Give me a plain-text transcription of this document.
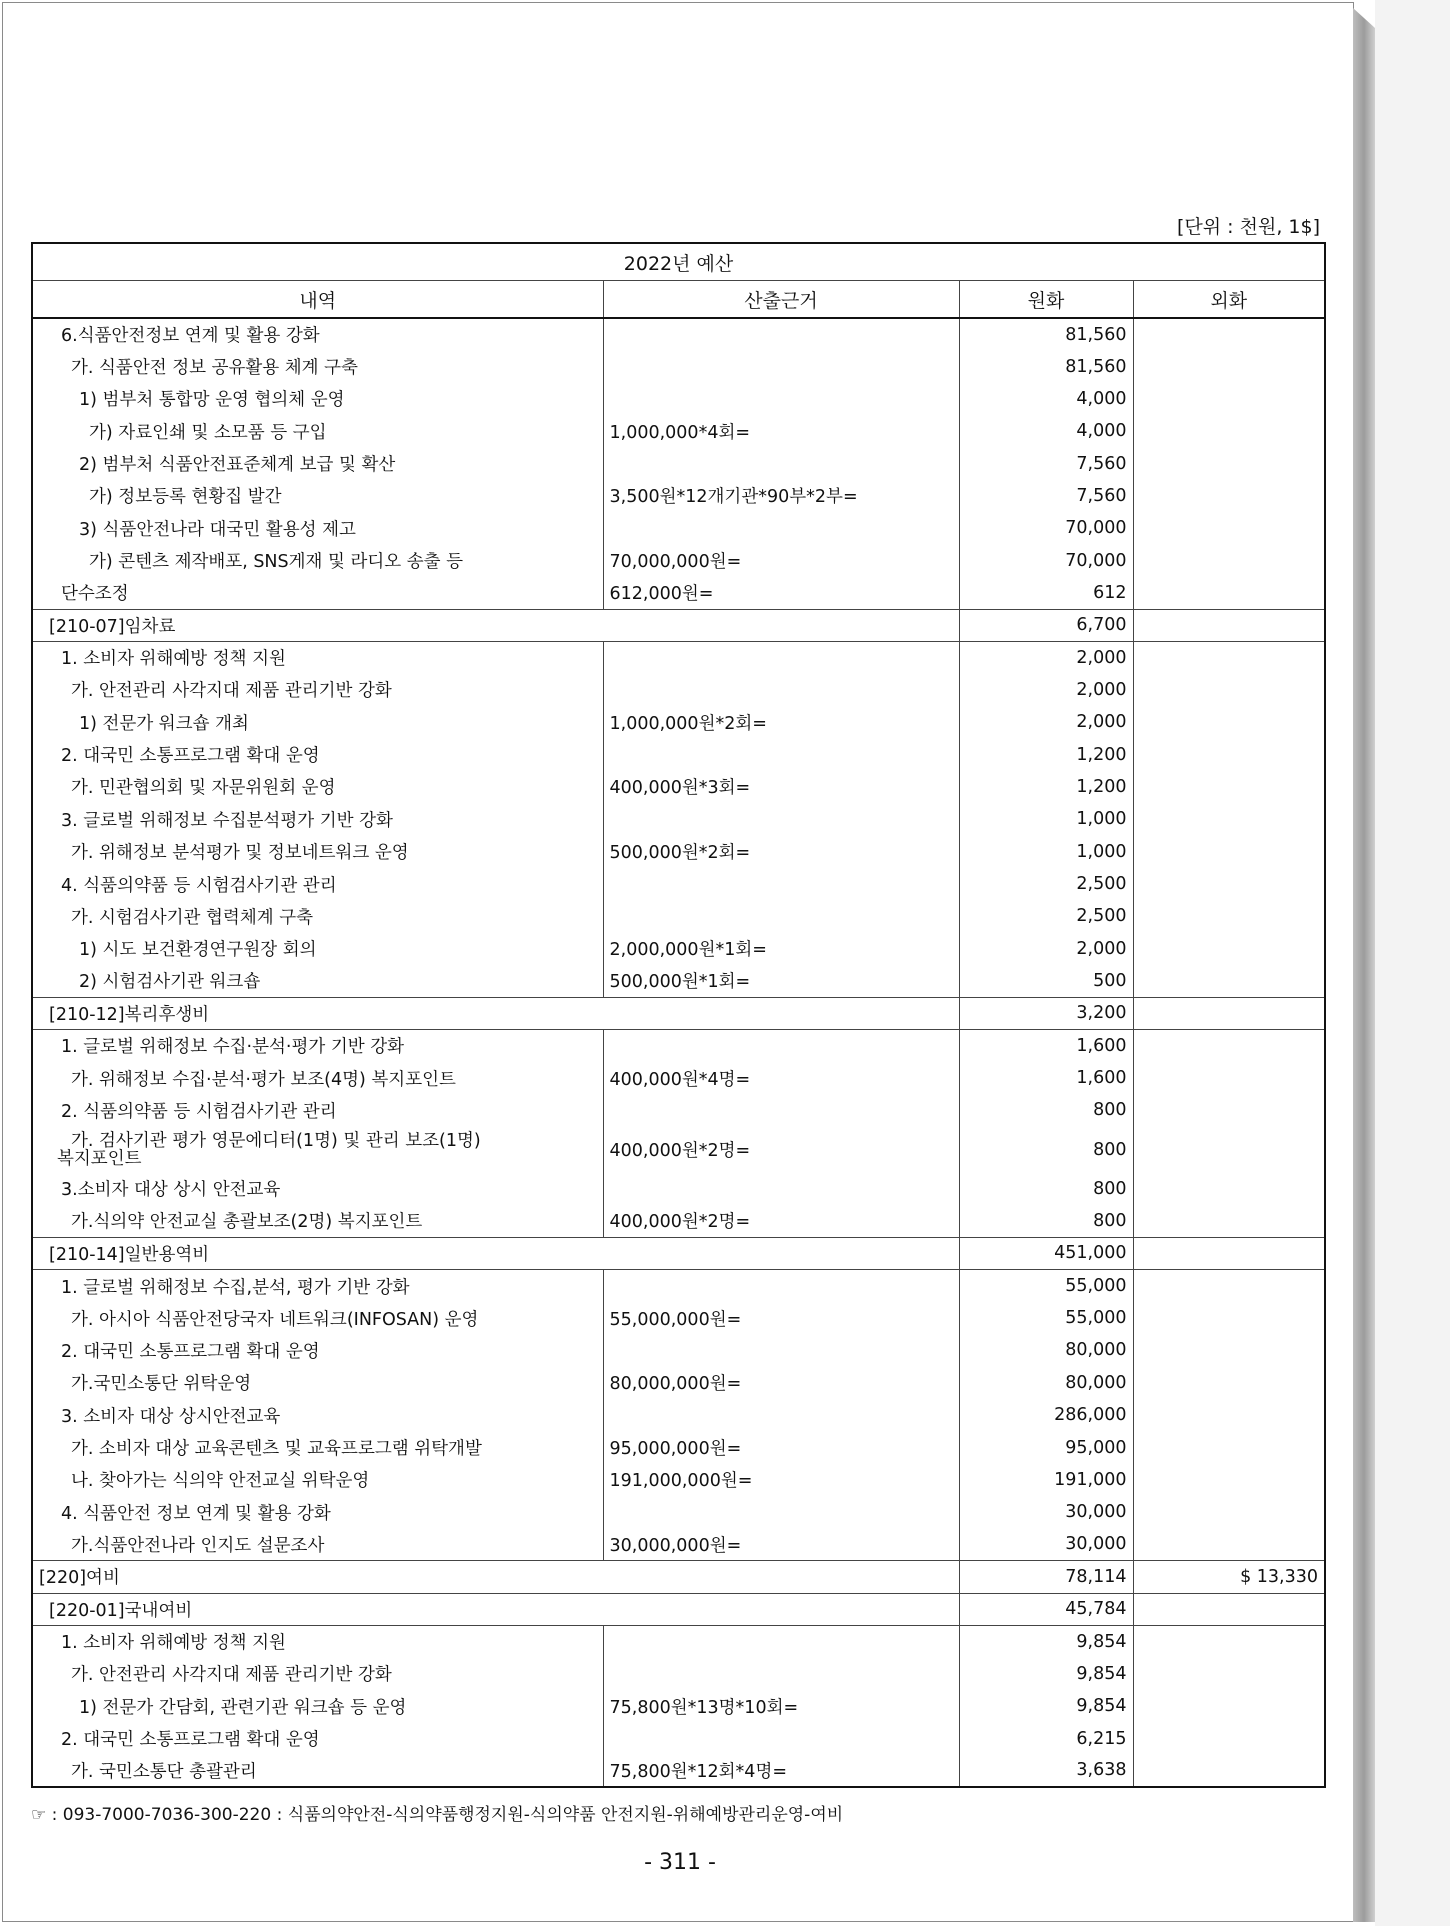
[단위 : 천원, 1$]
2022년 예산			
내역	산출근거	원화	외화
6.식품안전정보 연계 및 활용 강화		81,560	
가. 식품안전 정보 공유활용 체계 구축		81,560	
1) 범부처 통합망 운영 협의체 운영		4,000	
가) 자료인쇄 및 소모품 등 구입	1,000,000*4회=	4,000	
2) 범부처 식품안전표준체계 보급 및 확산		7,560	
가) 정보등록 현황집 발간	3,500원*12개기관*90부*2부=	7,560	
3) 식품안전나라 대국민 활용성 제고		70,000	
가) 콘텐츠 제작배포, SNS게재 및 라디오 송출 등	70,000,000원=	70,000	
단수조정	612,000원=	612	
[210-07]임차료		6,700	
1. 소비자 위해예방 정책 지원		2,000	
가. 안전관리 사각지대 제품 관리기반 강화		2,000	
1) 전문가 워크숍 개최	1,000,000원*2회=	2,000	
2. 대국민 소통프로그램 확대 운영		1,200	
가. 민관협의회 및 자문위원회 운영	400,000원*3회=	1,200	
3. 글로벌 위해정보 수집분석평가 기반 강화		1,000	
가. 위해정보 분석평가 및 정보네트워크 운영	500,000원*2회=	1,000	
4. 식품의약품 등 시험검사기관 관리		2,500	
가. 시험검사기관 협력체계 구축		2,500	
1) 시도 보건환경연구원장 회의	2,000,000원*1회=	2,000	
2) 시험검사기관 워크숍	500,000원*1회=	500	
[210-12]복리후생비		3,200	
1. 글로벌 위해정보 수집·분석·평가 기반 강화		1,600	
가. 위해정보 수집·분석·평가 보조(4명) 복지포인트	400,000원*4명=	1,600	
2. 식품의약품 등 시험검사기관 관리		800	
가. 검사기관 평가 영문에디터(1명) 및 관리 보조(1명)
복지포인트	400,000원*2명=	800	
3.소비자 대상 상시 안전교육		800	
가.식의약 안전교실 총괄보조(2명) 복지포인트	400,000원*2명=	800	
[210-14]일반용역비		451,000	
1. 글로벌 위해정보 수집,분석, 평가 기반 강화		55,000	
가. 아시아 식품안전당국자 네트워크(INFOSAN) 운영	55,000,000원=	55,000	
2. 대국민 소통프로그램 확대 운영		80,000	
가.국민소통단 위탁운영	80,000,000원=	80,000	
3. 소비자 대상 상시안전교육		286,000	
가. 소비자 대상 교육콘텐츠 및 교육프로그램 위탁개발	95,000,000원=	95,000	
나. 찾아가는 식의약 안전교실 위탁운영	191,000,000원=	191,000	
4. 식품안전 정보 연계 및 활용 강화		30,000	
가.식품안전나라 인지도 설문조사	30,000,000원=	30,000	
[220]여비		78,114	$ 13,330
[220-01]국내여비		45,784	
1. 소비자 위해예방 정책 지원		9,854	
가. 안전관리 사각지대 제품 관리기반 강화		9,854	
1) 전문가 간담회, 관련기관 워크숍 등 운영	75,800원*13명*10회=	9,854	
2. 대국민 소통프로그램 확대 운영		6,215	
가. 국민소통단 총괄관리	75,800원*12회*4명=	3,638	
☞ : 093-7000-7036-300-220 : 식품의약안전-식의약품행정지원-식의약품 안전지원-위해예방관리운영-여비
- 311 -
